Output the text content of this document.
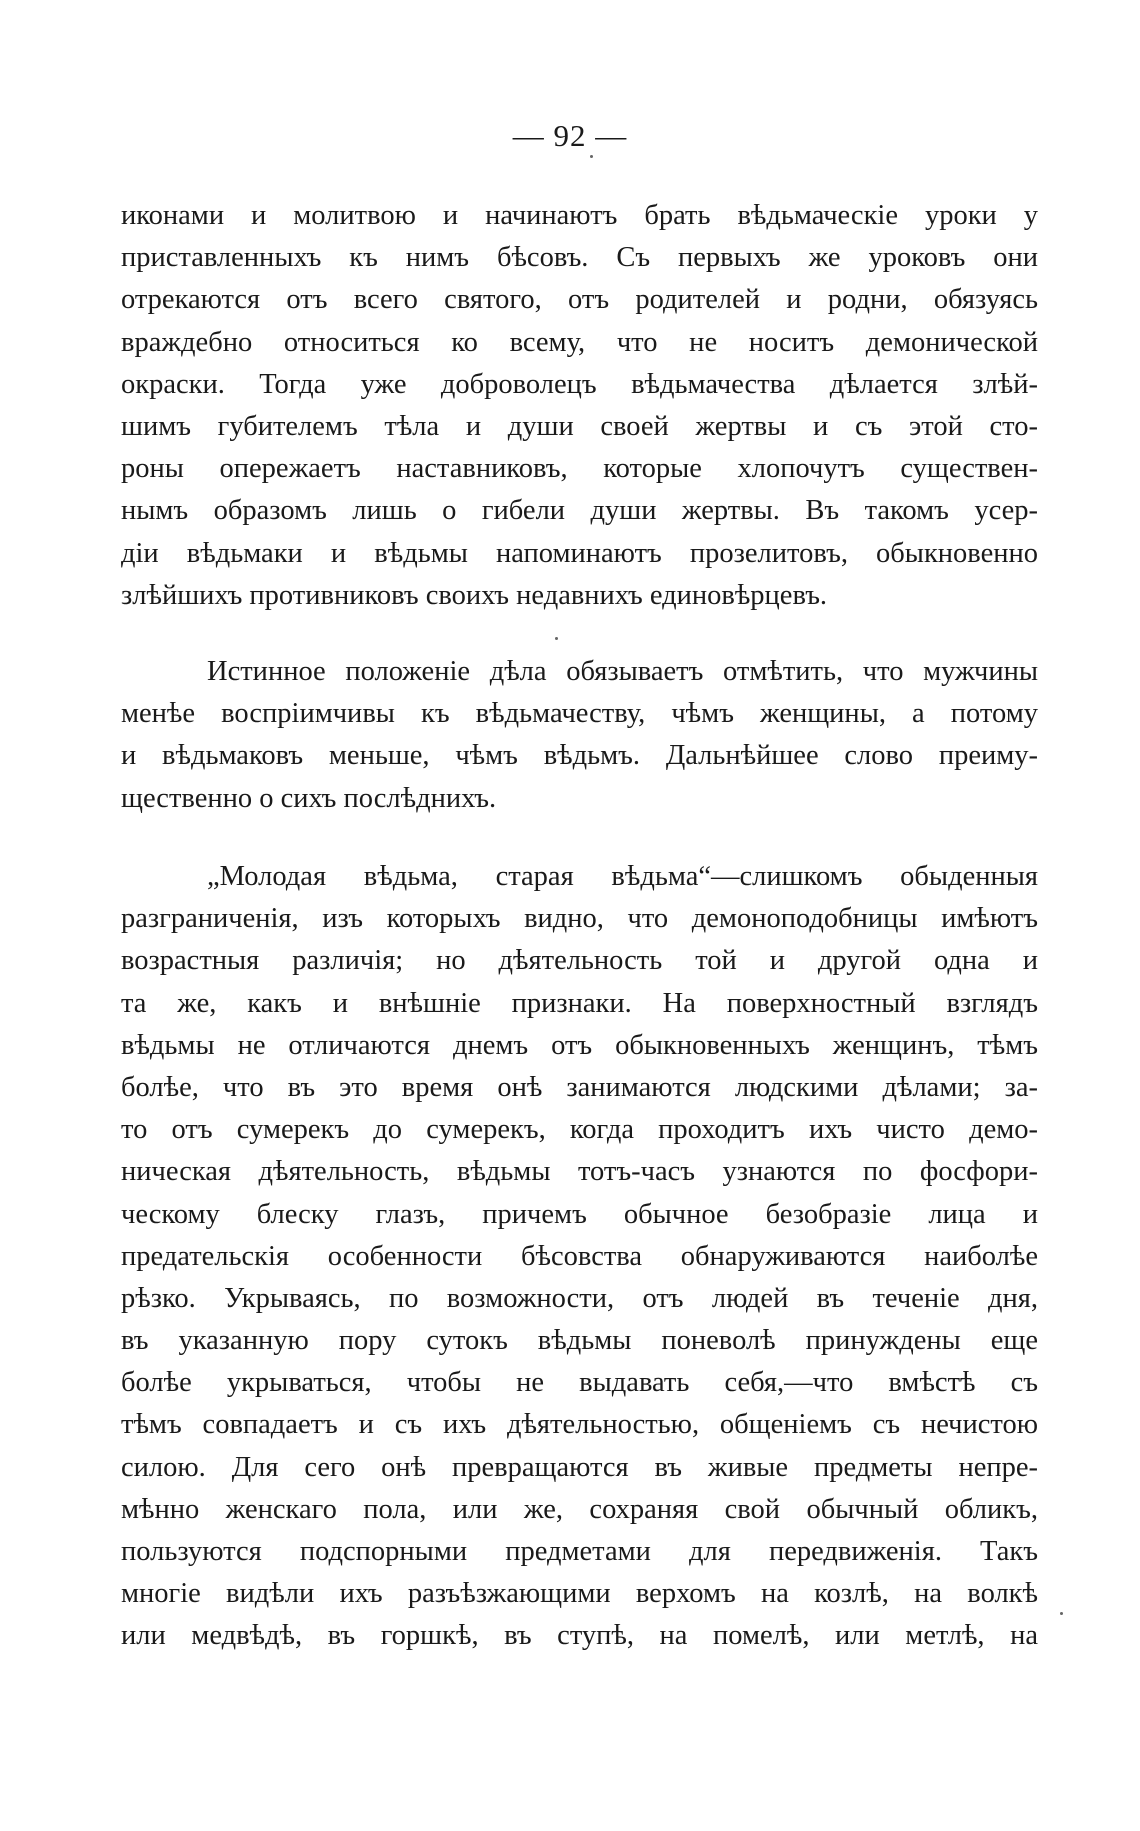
— 92 —
иконами и молитвою и начинаютъ брать вѣдьмаческіе уроки у
приставленныхъ къ нимъ бѣсовъ. Съ первыхъ же уроковъ они
отрекаются отъ всего святого, отъ родителей и родни, обязуясь
враждебно относиться ко всему, что не носитъ демонической
окраски. Тогда уже доброволецъ вѣдьмачества дѣлается злѣй-
шимъ губителемъ тѣла и души своей жертвы и съ этой сто-
роны опережаетъ наставниковъ, которые хлопочутъ существен-
нымъ образомъ лишь о гибели души жертвы. Въ такомъ усер-
діи вѣдьмаки и вѣдьмы напоминаютъ прозелитовъ, обыкновенно
злѣйшихъ противниковъ своихъ недавнихъ единовѣрцевъ.
Истинное положеніе дѣла обязываетъ отмѣтить, что мужчины
менѣе воспріимчивы къ вѣдьмачеству, чѣмъ женщины, а потому
и вѣдьмаковъ меньше, чѣмъ вѣдьмъ. Дальнѣйшее слово преиму-
щественно о сихъ послѣднихъ.
„Молодая вѣдьма, старая вѣдьма“—слишкомъ обыденныя
разграниченія, изъ которыхъ видно, что демоноподобницы имѣютъ
возрастныя различія; но дѣятельность той и другой одна и
та же, какъ и внѣшніе признаки. На поверхностный взглядъ
вѣдьмы не отличаются днемъ отъ обыкновенныхъ женщинъ, тѣмъ
болѣе, что въ это время онѣ занимаются людскими дѣлами; за-
то отъ сумерекъ до сумерекъ, когда проходитъ ихъ чисто демо-
ническая дѣятельность, вѣдьмы тотъ-часъ узнаются по фосфори-
ческому блеску глазъ, причемъ обычное безобразіе лица и
предательскія особенности бѣсовства обнаруживаются наиболѣе
рѣзко. Укрываясь, по возможности, отъ людей въ теченіе дня,
въ указанную пору сутокъ вѣдьмы поневолѣ принуждены еще
болѣе укрываться, чтобы не выдавать себя,—что вмѣстѣ съ
тѣмъ совпадаетъ и съ ихъ дѣятельностью, общеніемъ съ нечистою
силою. Для сего онѣ превращаются въ живые предметы непре-
мѣнно женскаго пола, или же, сохраняя свой обычный обликъ,
пользуются подспорными предметами для передвиженія. Такъ
многіе видѣли ихъ разъѣзжающими верхомъ на козлѣ, на волкѣ
или медвѣдѣ, въ горшкѣ, въ ступѣ, на помелѣ, или метлѣ, на
